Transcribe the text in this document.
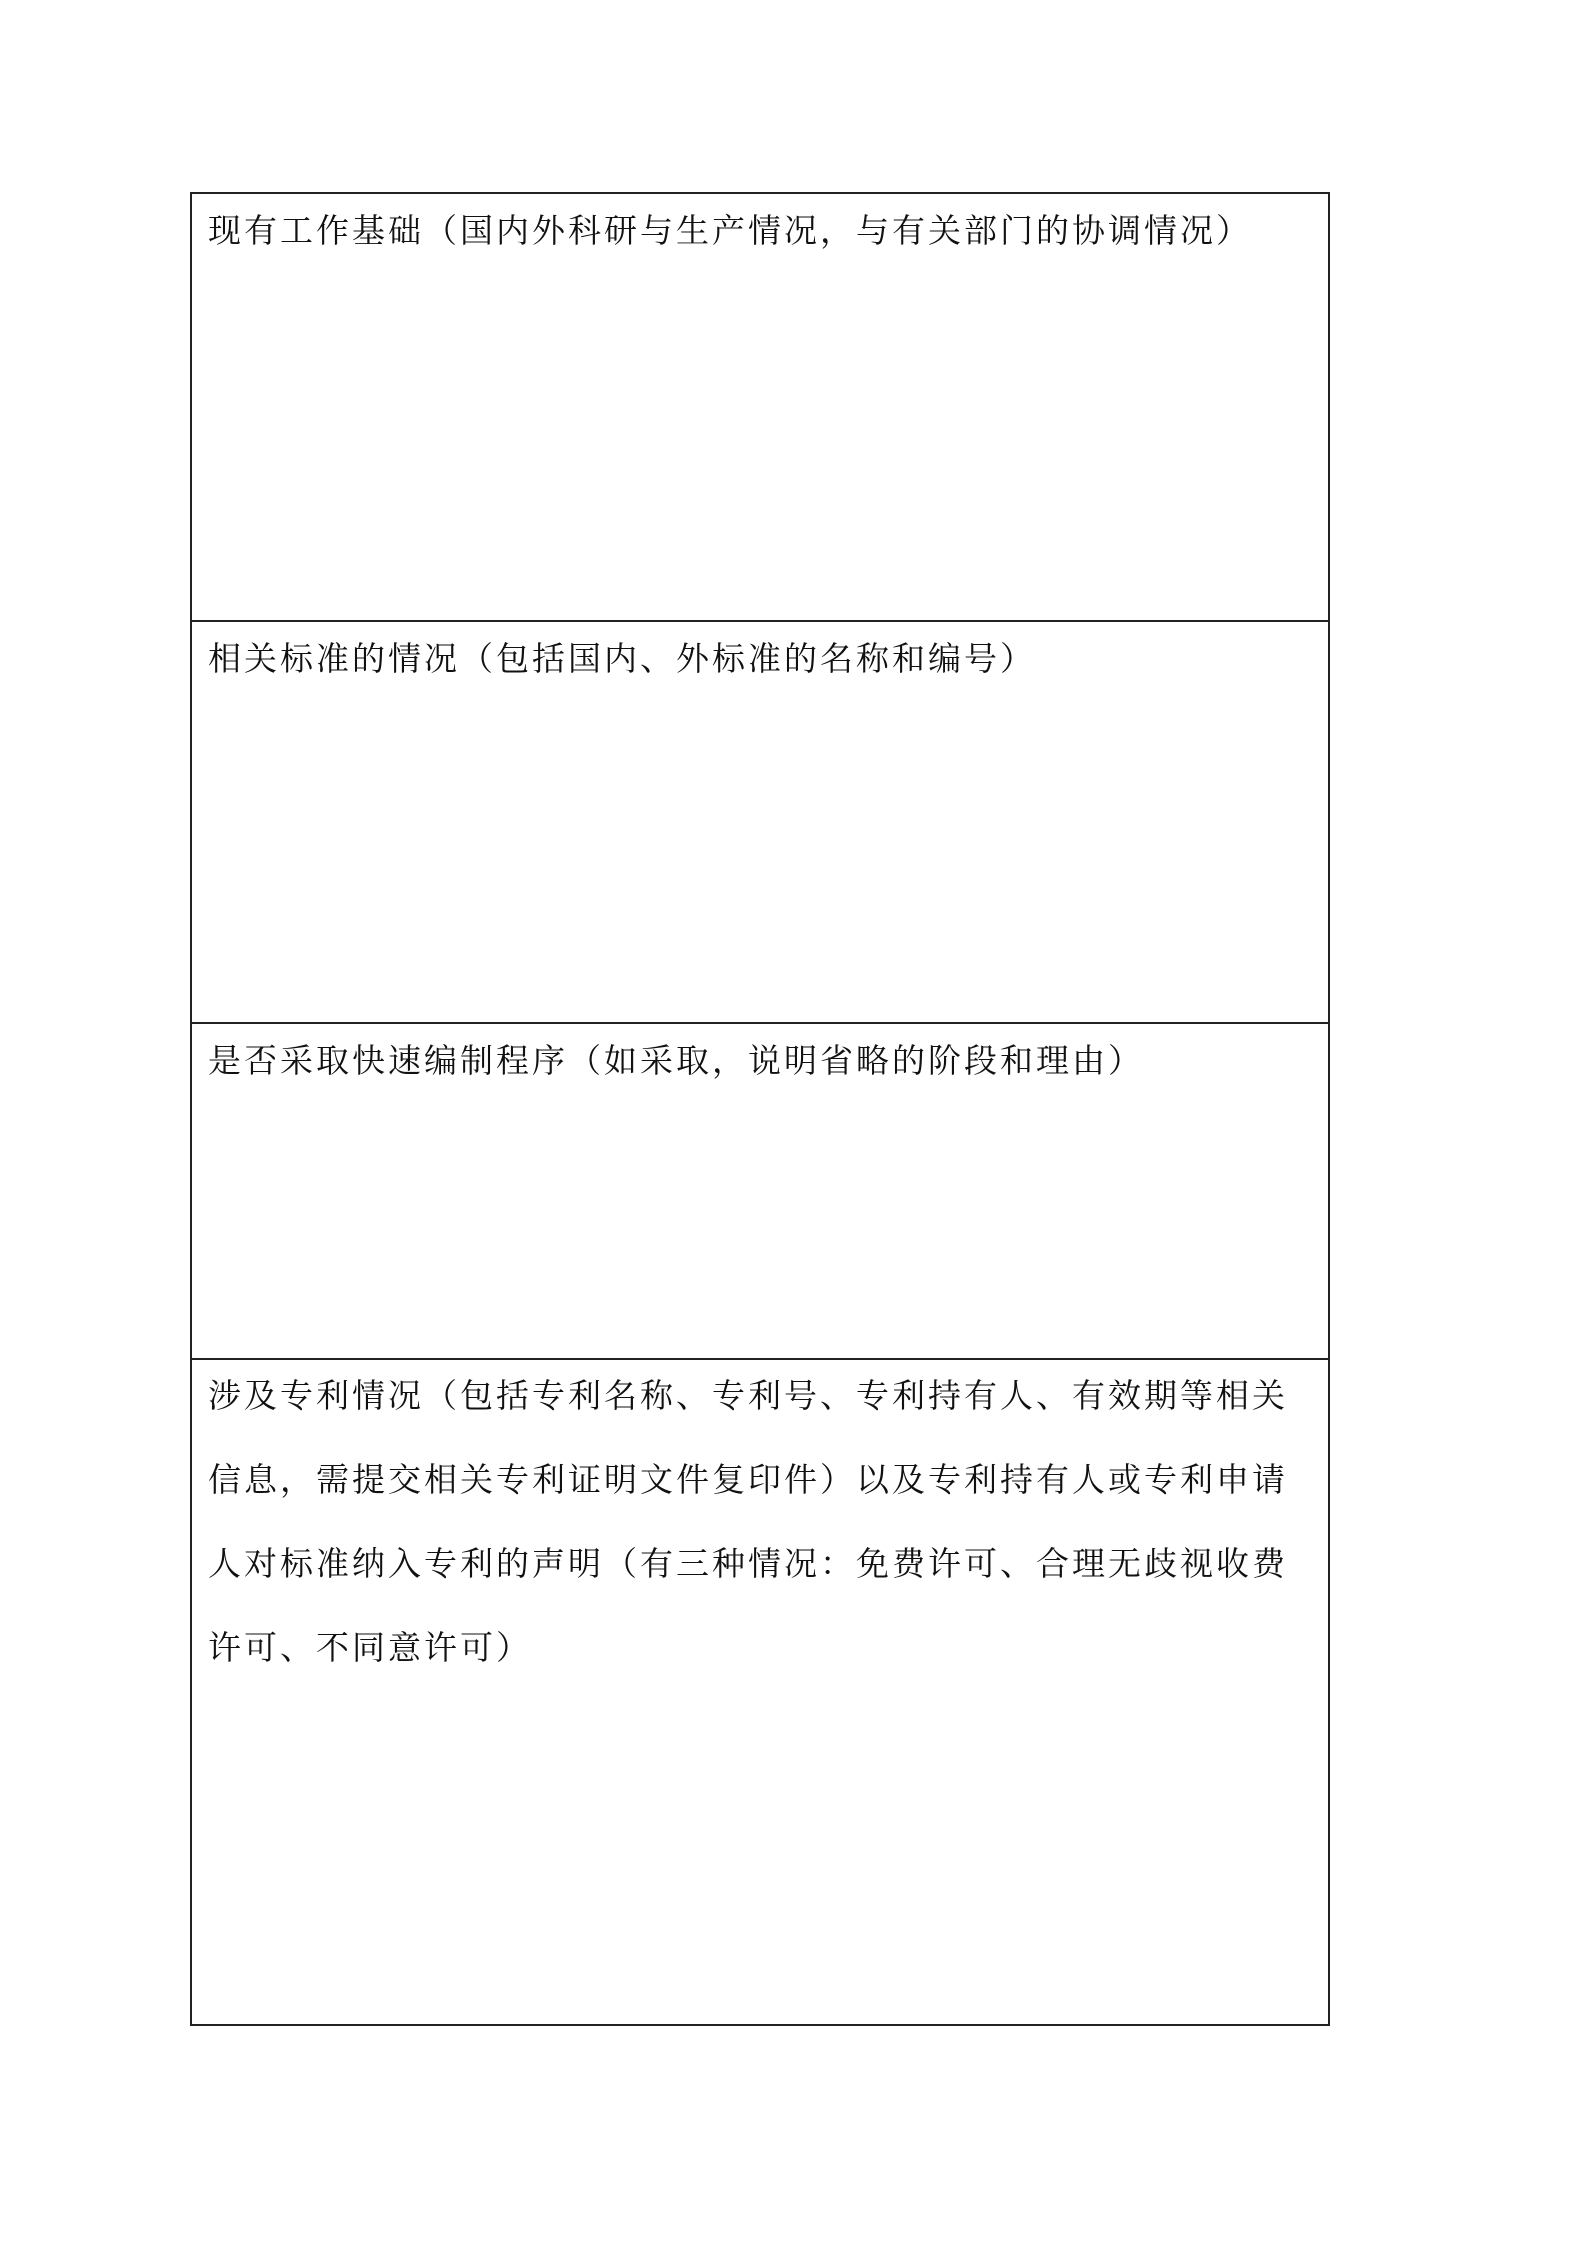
现有工作基础（国内外科研与生产情况，与有关部门的协调情况）
相关标准的情况（包括国内、外标准的名称和编号）
是否采取快速编制程序（如采取，说明省略的阶段和理由）
涉及专利情况（包括专利名称、专利号、专利持有人、有效期等相关信息，需提交相关专利证明文件复印件）以及专利持有人或专利申请人对标准纳入专利的声明（有三种情况：免费许可、合理无歧视收费许可、不同意许可）
